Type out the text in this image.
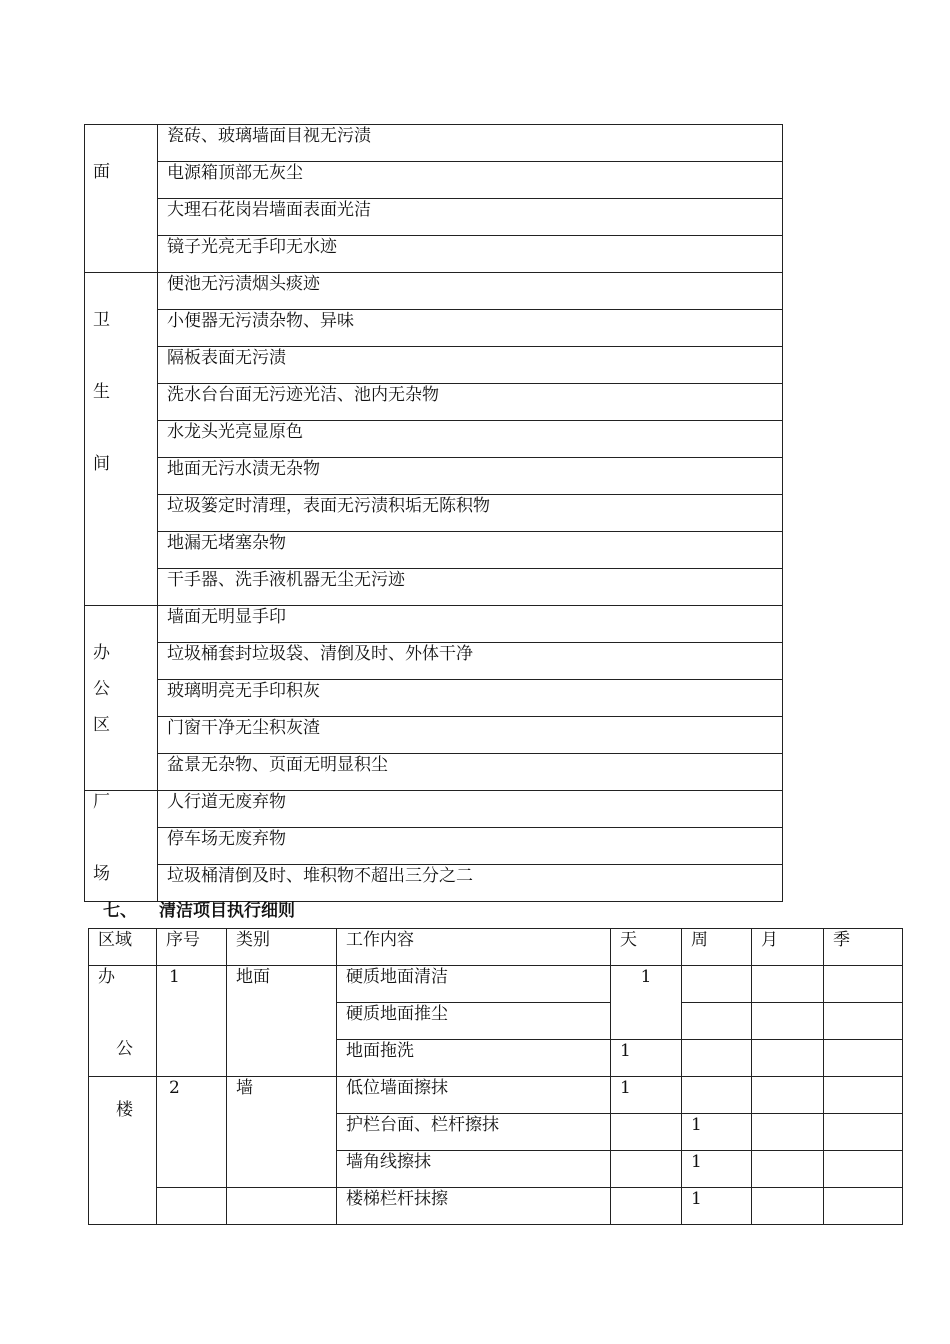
面	瓷砖、玻璃墙面目视无污渍
	电源箱顶部无灰尘
	大理石花岗岩墙面表面光洁
	镜子光亮无手印无水迹

卫
生
间	便池无污渍烟头痰迹
	小便器无污渍杂物、异味
	隔板表面无污渍
	洗水台台面无污迹光洁、池内无杂物
	水龙头光亮显原色
	地面无污水渍无杂物
	垃圾篓定时清理，表面无污渍积垢无陈积物
	地漏无堵塞杂物
	干手器、洗手液机器无尘无污迹

办
公
区	墙面无明显手印
	垃圾桶套封垃圾袋、清倒及时、外体干净
	玻璃明亮无手印积灰
	门窗干净无尘积灰渣
	盆景无杂物、页面无明显积尘

厂
场	人行道无废弃物
	停车场无废弃物
	垃圾桶清倒及时、堆积物不超出三分之二
七、 清洁项目执行细则
区域	序号	类别	工作内容	天	周	月	季

办
公	1	地面	硬质地面清洁	1			
			硬质地面推尘				
			地面拖洗	1			

楼	2	墙	低位墙面擦抹	1			
			护栏台面、栏杆擦抹		1		
			墙角线擦抹		1		
			楼梯栏杆抹擦		1		
